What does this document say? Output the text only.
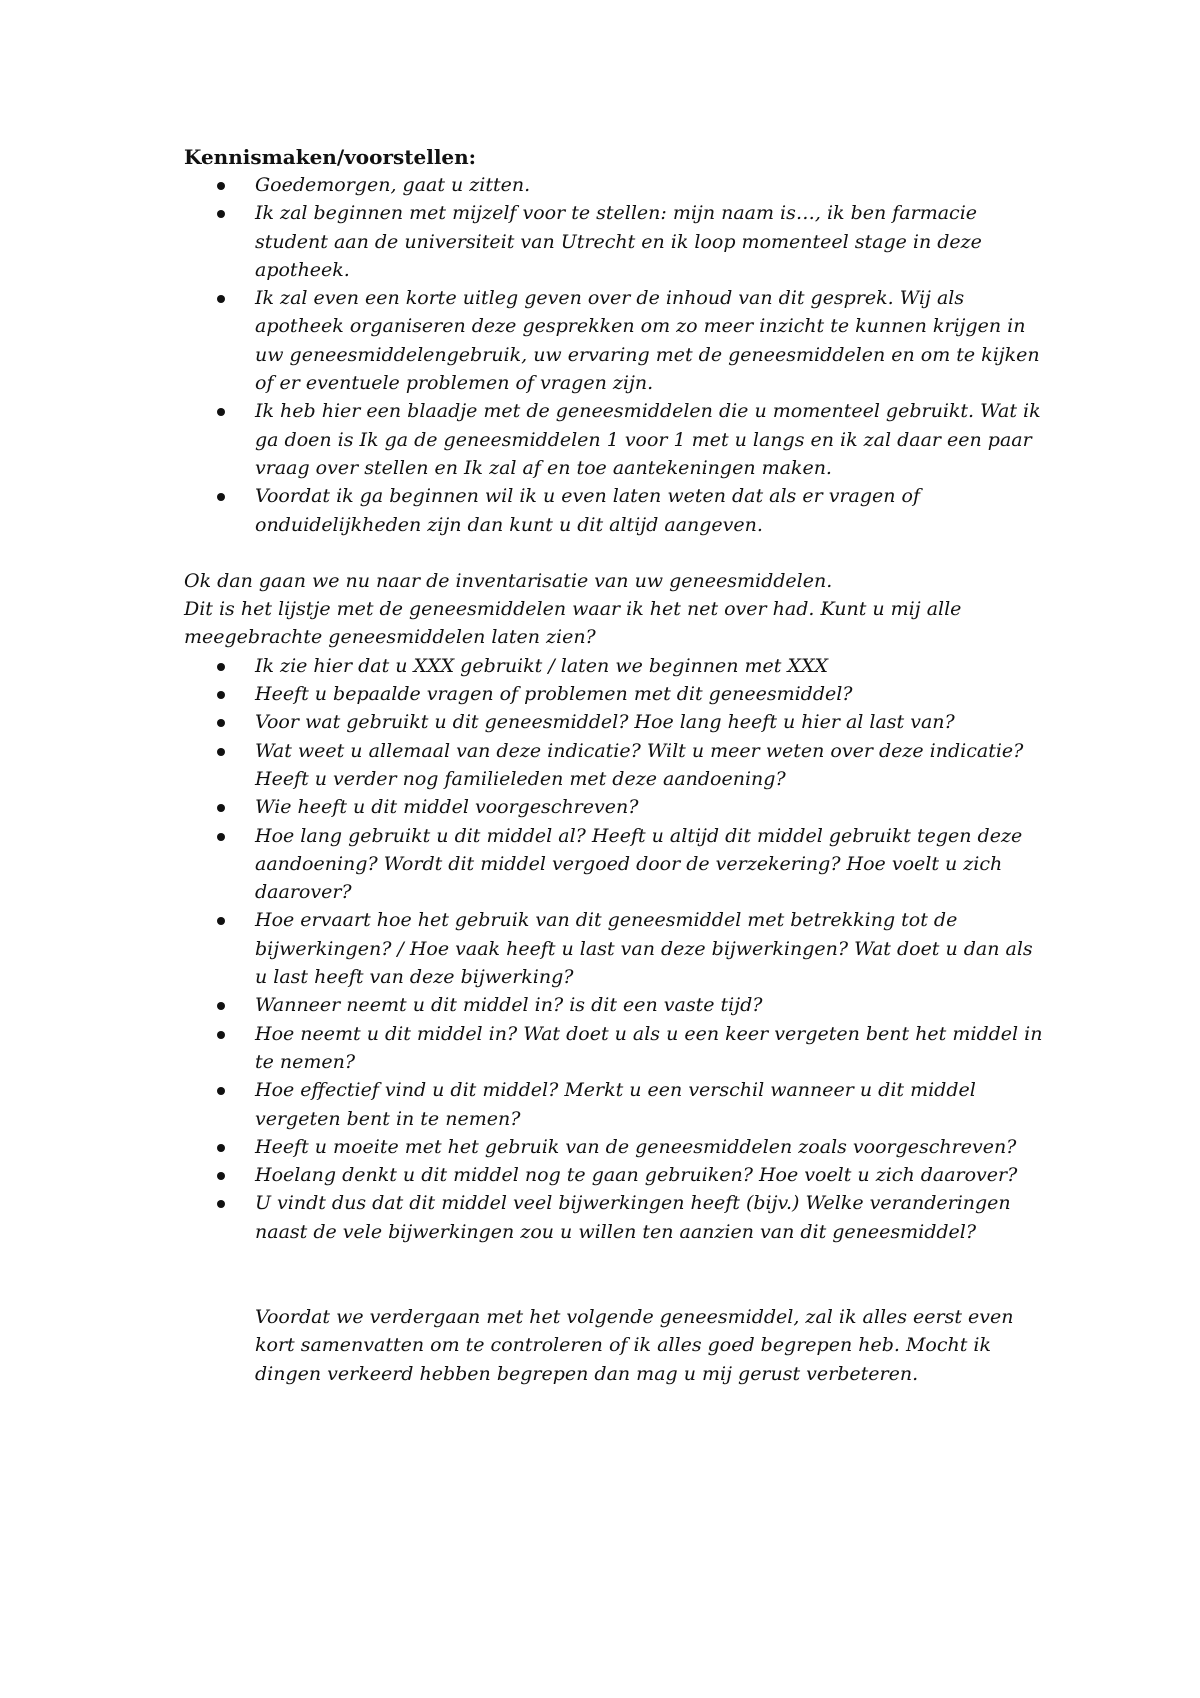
Kennismaken/voorstellen:

Goedemorgen, gaat u zitten.
Ik zal beginnen met mijzelf voor te stellen: mijn naam is…, ik ben farmacie student aan de universiteit van Utrecht en ik loop momenteel stage in deze apotheek.
Ik zal even een korte uitleg geven over de inhoud van dit gesprek. Wij als apotheek organiseren deze gesprekken om zo meer inzicht te kunnen krijgen in uw geneesmiddelengebruik, uw ervaring met de geneesmiddelen en om te kijken of er eventuele problemen of vragen zijn.
Ik heb hier een blaadje met de geneesmiddelen die u momenteel gebruikt. Wat ik ga doen is Ik ga de geneesmiddelen 1 voor 1 met u langs en ik zal daar een paar vraag over stellen en Ik zal af en toe aantekeningen maken.
Voordat ik ga beginnen wil ik u even laten weten dat als er vragen of onduidelijkheden zijn dan kunt u dit altijd aangeven.

Ok dan gaan we nu naar de inventarisatie van uw geneesmiddelen.

Dit is het lijstje met de geneesmiddelen waar ik het net over had. Kunt u mij alle meegebrachte geneesmiddelen laten zien?

Ik zie hier dat u XXX gebruikt / laten we beginnen met XXX
Heeft u bepaalde vragen of problemen met dit geneesmiddel?
Voor wat gebruikt u dit geneesmiddel? Hoe lang heeft u hier al last van?
Wat weet u allemaal van deze indicatie? Wilt u meer weten over deze indicatie? Heeft u verder nog familieleden met deze aandoening?
Wie heeft u dit middel voorgeschreven?
Hoe lang gebruikt u dit middel al? Heeft u altijd dit middel gebruikt tegen deze aandoening? Wordt dit middel vergoed door de verzekering? Hoe voelt u zich daarover?
Hoe ervaart hoe het gebruik van dit geneesmiddel met betrekking tot de bijwerkingen? / Hoe vaak heeft u last van deze bijwerkingen? Wat doet u dan als u last heeft van deze bijwerking?
Wanneer neemt u dit middel in? is dit een vaste tijd?
Hoe neemt u dit middel in? Wat doet u als u een keer vergeten bent het middel in te nemen?
Hoe effectief vind u dit middel? Merkt u een verschil wanneer u dit middel vergeten bent in te nemen?
Heeft u moeite met het gebruik van de geneesmiddelen zoals voorgeschreven?
Hoelang denkt u dit middel nog te gaan gebruiken? Hoe voelt u zich daarover?
U vindt dus dat dit middel veel bijwerkingen heeft (bijv.) Welke veranderingen naast de vele bijwerkingen zou u willen ten aanzien van dit geneesmiddel?

Voordat we verdergaan met het volgende geneesmiddel, zal ik alles eerst even kort samenvatten om te controleren of ik alles goed begrepen heb. Mocht ik dingen verkeerd hebben begrepen dan mag u mij gerust verbeteren.
